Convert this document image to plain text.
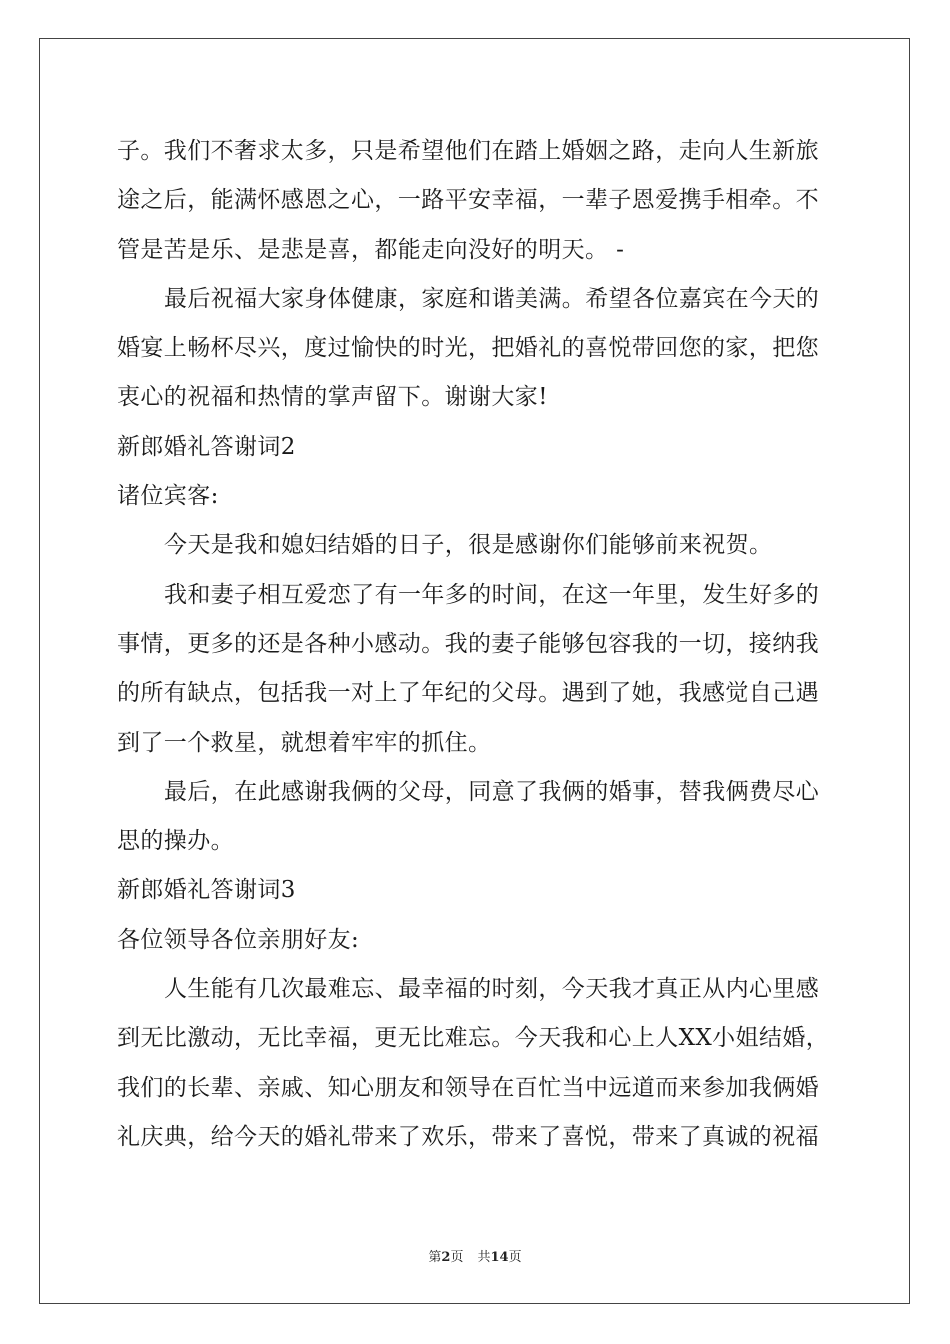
子。我们不奢求太多，只是希望他们在踏上婚姻之路，走向人生新旅
途之后，能满怀感恩之心，一路平安幸福，一辈子恩爱携手相牵。不
管是苦是乐、是悲是喜，都能走向没好的明天。 -
最后祝福大家身体健康，家庭和谐美满。希望各位嘉宾在今天的
婚宴上畅杯尽兴，度过愉快的时光，把婚礼的喜悦带回您的家，把您
衷心的祝福和热情的掌声留下。谢谢大家!
新郎婚礼答谢词2
诸位宾客:
今天是我和媳妇结婚的日子，很是感谢你们能够前来祝贺。
我和妻子相互爱恋了有一年多的时间，在这一年里，发生好多的
事情，更多的还是各种小感动。我的妻子能够包容我的一切，接纳我
的所有缺点，包括我一对上了年纪的父母。遇到了她，我感觉自己遇
到了一个救星，就想着牢牢的抓住。
最后，在此感谢我俩的父母，同意了我俩的婚事，替我俩费尽心
思的操办。
新郎婚礼答谢词3
各位领导各位亲朋好友:
人生能有几次最难忘、最幸福的时刻，今天我才真正从内心里感
到无比激动，无比幸福，更无比难忘。今天我和心上人XX小姐结婚，
我们的长辈、亲戚、知心朋友和领导在百忙当中远道而来参加我俩婚
礼庆典，给今天的婚礼带来了欢乐，带来了喜悦，带来了真诚的祝福
第2页 共14页
